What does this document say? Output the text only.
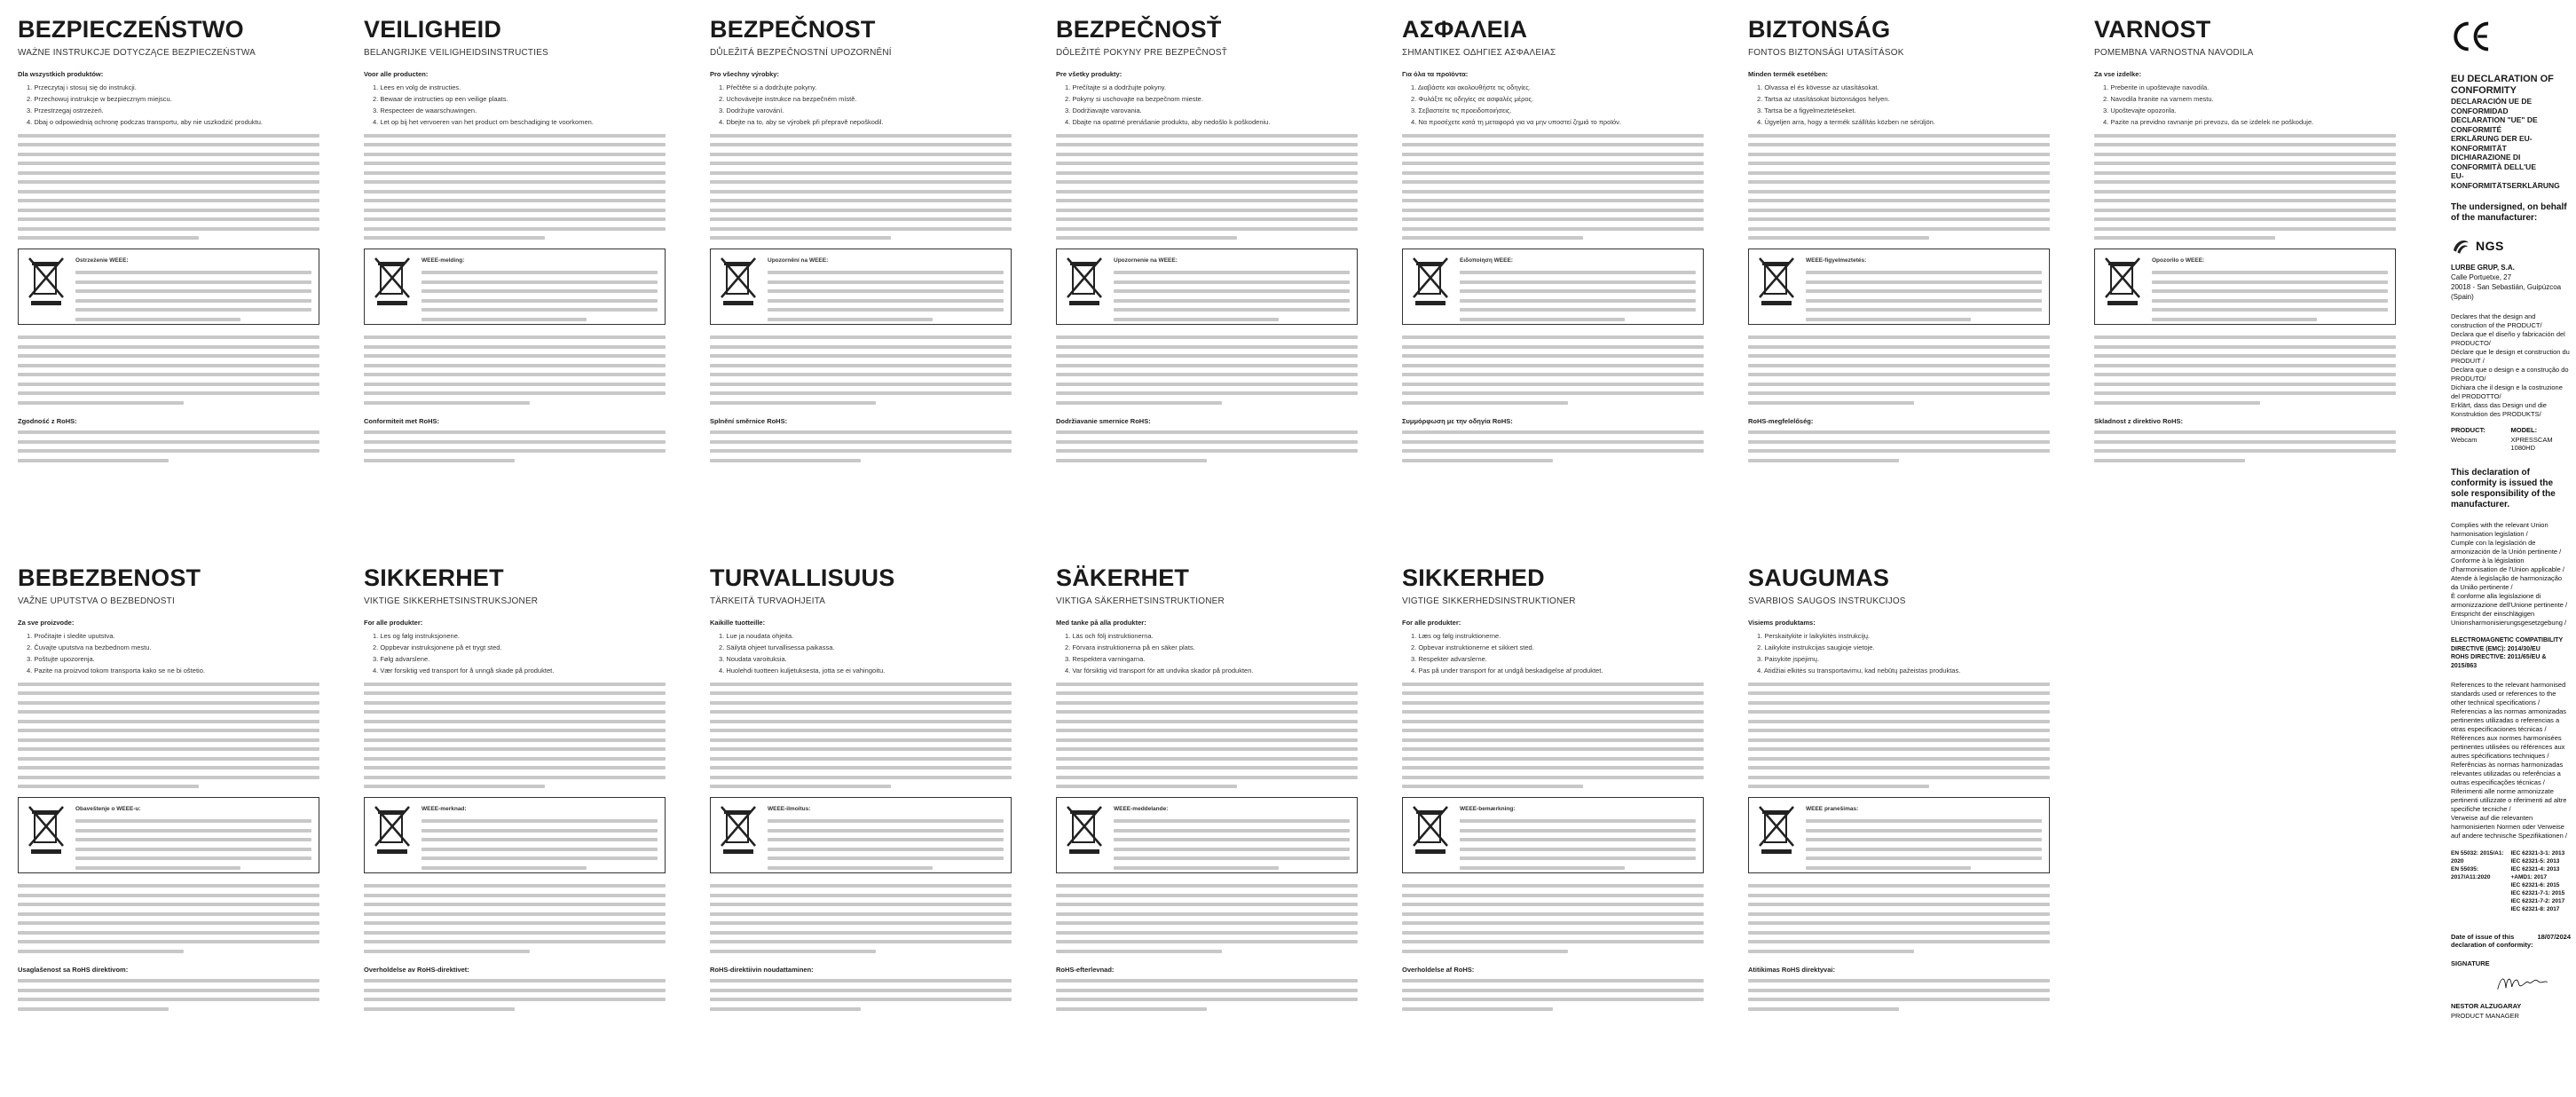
BEZPIECZEŃSTWO
WAŻNE INSTRUKCJE DOTYCZĄCE BEZPIECZEŃSTWA
Dla wszystkich produktów:
1. Przeczytaj i stosuj się do instrukcji.
2. Przechowuj instrukcje w bezpiecznym miejscu.
3. Przestrzegaj ostrzeżeń.
4. Dbaj o odpowiednią ochronę podczas transportu, aby nie uszkodzić produktu.
Ostrzeżenie WEEE:
Zgodność z RoHS:
VEILIGHEID
BELANGRIJKE VEILIGHEIDSINSTRUCTIES
Voor alle producten:
1. Lees en volg de instructies.
2. Bewaar de instructies op een veilige plaats.
3. Respecteer de waarschuwingen.
4. Let op bij het vervoeren van het product om beschadiging te voorkomen.
WEEE-melding:
Conformiteit met RoHS:
BEZPEČNOST
DŮLEŽITÁ BEZPEČNOSTNÍ UPOZORNĚNÍ
Pro všechny výrobky:
1. Přečtěte si a dodržujte pokyny.
2. Uchovávejte instrukce na bezpečném místě.
3. Dodržujte varování.
4. Dbejte na to, aby se výrobek při přepravě nepoškodil.
Upozornění na WEEE:
Splnění směrnice RoHS:
BEZPEČNOSŤ
DÔLEŽITÉ POKYNY PRE BEZPEČNOSŤ
Pre všetky produkty:
1. Prečítajte si a dodržujte pokyny.
2. Pokyny si uschovajte na bezpečnom mieste.
3. Dodržiavajte varovania.
4. Dbajte na opatrné prenášanie produktu, aby nedošlo k poškodeniu.
Upozornenie na WEEE:
Dodržiavanie smernice RoHS:
ΑΣΦΑΛΕΙΑ
ΣΗΜΑΝΤΙΚΕΣ ΟΔΗΓΙΕΣ ΑΣΦΑΛΕΙΑΣ
Για όλα τα προϊόντα:
1. Διαβάστε και ακολουθήστε τις οδηγίες.
2. Φυλάξτε τις οδηγίες σε ασφαλές μέρος.
3. Σεβαστείτε τις προειδοποιήσεις.
4. Να προσέχετε κατά τη μεταφορά για να μην υποστεί ζημιά το προϊόν.
Ειδοποίηση WEEE:
Συμμόρφωση με την οδηγία RoHS:
BIZTONSÁG
FONTOS BIZTONSÁGI UTASÍTÁSOK
Minden termék esetében:
1. Olvassa el és kövesse az utasításokat.
2. Tartsa az utasításokat biztonságos helyen.
3. Tartsa be a figyelmeztetéseket.
4. Ügyeljen arra, hogy a termék szállítás közben ne sérüljön.
WEEE-figyelmeztetés:
RoHS-megfelelőség:
VARNOST
POMEMBNA VARNOSTNA NAVODILA
Za vse izdelke:
1. Preberite in upoštevajte navodila.
2. Navodila hranite na varnem mestu.
3. Upoštevajte opozorila.
4. Pazite na previdno ravnanje pri prevozu, da se izdelek ne poškoduje.
Opozorilo o WEEE:
Skladnost z direktivo RoHS:
BEBEZBENOST
VAŽNE UPUTSTVA O BEZBEDNOSTI
Za sve proizvode:
1. Pročitajte i sledite uputstva.
2. Čuvajte uputstva na bezbednom mestu.
3. Poštujte upozorenja.
4. Pazite na proizvod tokom transporta kako se ne bi oštetio.
Obaveštenje o WEEE-u:
Usaglašenost sa RoHS direktivom:
SIKKERHET
VIKTIGE SIKKERHETSINSTRUKSJONER
For alle produkter:
1. Les og følg instruksjonene.
2. Oppbevar instruksjonene på et trygt sted.
3. Følg advarslene.
4. Vær forsiktig ved transport for å unngå skade på produktet.
WEEE-merknad:
Overholdelse av RoHS-direktivet:
TURVALLISUUS
TÄRKEITÄ TURVAOHJEITA
Kaikille tuotteille:
1. Lue ja noudata ohjeita.
2. Säilytä ohjeet turvallisessa paikassa.
3. Noudata varoituksia.
4. Huolehdi tuotteen kuljetuksesta, jotta se ei vahingoitu.
WEEE-ilmoitus:
RoHS-direktiivin noudattaminen:
SÄKERHET
VIKTIGA SÄKERHETSINSTRUKTIONER
Med tanke på alla produkter:
1. Läs och följ instruktionerna.
2. Förvara instruktionerna på en säker plats.
3. Respektera varningarna.
4. Var försiktig vid transport för att undvika skador på produkten.
WEEE-meddelande:
RoHS-efterlevnad:
SIKKERHED
VIGTIGE SIKKERHEDSINSTRUKTIONER
For alle produkter:
1. Læs og følg instruktionerne.
2. Opbevar instruktionerne et sikkert sted.
3. Respekter advarslerne.
4. Pas på under transport for at undgå beskadigelse af produktet.
WEEE-bemærkning:
Overholdelse af RoHS:
SAUGUMAS
SVARBIOS SAUGOS INSTRUKCIJOS
Visiems produktams:
1. Perskaitykite ir laikykitės instrukcijų.
2. Laikykite instrukcijas saugioje vietoje.
3. Paisykite įspėjimų.
4. Atidžiai elkitės su transportavimu, kad nebūtų pažeistas produktas.
WEEE pranešimas:
Atitikimas RoHS direktyvai:
EU DECLARATION OF CONFORMITY
DECLARACIÓN UE DE CONFORMIDAD
DECLARATION "UE" DE CONFORMITÉ
ERKLÄRUNG DER EU-KONFORMITÄT
DICHIARAZIONE DI CONFORMITÀ DELL'UE
EU-KONFORMITÄTSERKLÄRUNG
The undersigned, on behalf of the manufacturer:
NGS
LURBE GRUP, S.A.
Calle Portuetxe, 27
20018 - San Sebastián, Guipúzcoa (Spain)
Declares that the design and construction of the PRODUCT/
Declara que el diseño y fabricación del PRODUCTO/
Déclare que le design et construction du PRODUIT /
Declara que o design e a construção do PRODUTO/
Dichiara che il design e la costruzione del PRODOTTO/
Erklärt, dass das Design und die Konstruktion des PRODUKTS/
PRODUCT:	MODEL:
Webcam	XPRESSCAM 1080HD
This declaration of conformity is issued the sole responsibility of the manufacturer.
Complies with the relevant Union harmonisation legislation /
Cumple con la legislación de armonización de la Unión pertinente /
Conforme à la législation d'harmonisation de l'Union applicable /
Atende à legislação de harmonização da União pertinente /
È conforme alla legislazione di armonizzazione dell'Unione pertinente /
Entspricht der einschlägigen Unionsharmonisierungsgesetzgebung /
ELECTROMAGNETIC COMPATIBILITY DIRECTIVE (EMC): 2014/30/EU
ROHS DIRECTIVE: 2011/65/EU & 2015/863
References to the relevant harmonised standards used or references to the other technical specifications /
Referencias a las normas armonizadas pertinentes utilizadas o referencias a otras especificaciones técnicas /
Références aux normes harmonisées pertinentes utilisées ou références aux autres spécifications techniques /
Referências às normas harmonizadas relevantes utilizadas ou referências a outras especificações técnicas /
Riferimenti alle norme armonizzate pertinenti utilizzate o riferimenti ad altre specifiche tecniche /
Verweise auf die relevanten harmonisierten Normen oder Verweise auf andere technische Spezifikationen /
EN 55032: 2015/A1: 2020
EN 55035: 2017/A11:2020
IEC 62321-3-1: 2013
IEC 62321-5: 2013
IEC 62321-4: 2013 +AMD1: 2017
IEC 62321-6: 2015
IEC 62321-7-1: 2015
IEC 62321-7-2: 2017
IEC 62321-8: 2017
Date of issue of this declaration of conformity:
18/07/2024
SIGNATURE
NESTOR ALZUGARAY
PRODUCT MANAGER
